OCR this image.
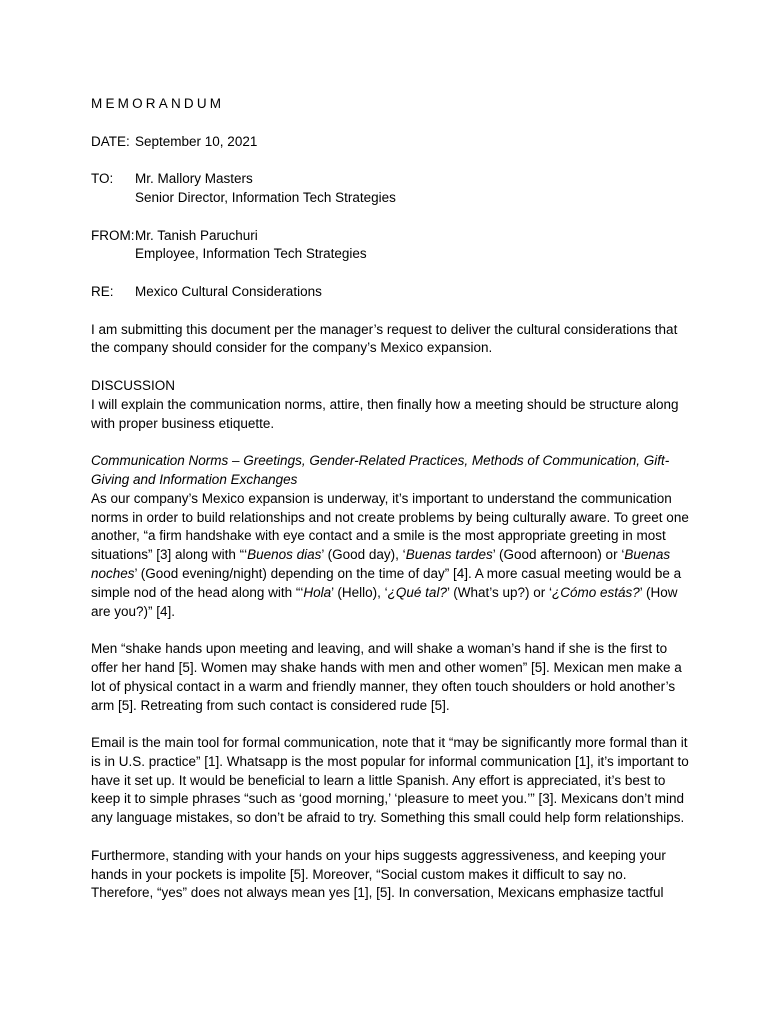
MEMORANDUM

DATE: September 10, 2021
TO:	Mr. Mallory Masters
Senior Director, Information Tech Strategies
FROM: Mr. Tanish Paruchuri
Employee, Information Tech Strategies
RE:	Mexico Cultural Considerations

I am submitting this document per the manager’s request to deliver the cultural considerations that the company should consider for the company’s Mexico expansion.

DISCUSSION

I will explain the communication norms, attire, then finally how a meeting should be structure along with proper business etiquette.

Communication Norms – Greetings, Gender-Related Practices, Methods of Communication, Gift-Giving and Information Exchanges

As our company’s Mexico expansion is underway, it’s important to understand the communication norms in order to build relationships and not create problems by being culturally aware. To greet one another, “a firm handshake with eye contact and a smile is the most appropriate greeting in most situations” [3] along with “‘Buenos dias’ (Good day), ‘Buenas tardes’ (Good afternoon) or ‘Buenas noches’ (Good evening/night) depending on the time of day” [4]. A more casual meeting would be a simple nod of the head along with “‘Hola’ (Hello), ‘¿Qué tal?’ (What’s up?) or ‘¿Cómo estás?’ (How are you?)” [4].

Men “shake hands upon meeting and leaving, and will shake a woman’s hand if she is the first to offer her hand [5]. Women may shake hands with men and other women” [5]. Mexican men make a lot of physical contact in a warm and friendly manner, they often touch shoulders or hold another’s arm [5]. Retreating from such contact is considered rude [5].

Email is the main tool for formal communication, note that it “may be significantly more formal than it is in U.S. practice” [1]. Whatsapp is the most popular for informal communication [1], it’s important to have it set up. It would be beneficial to learn a little Spanish. Any effort is appreciated, it’s best to keep it to simple phrases “such as ‘good morning,’ ‘pleasure to meet you.’” [3]. Mexicans don’t mind any language mistakes, so don’t be afraid to try. Something this small could help form relationships.

Furthermore, standing with your hands on your hips suggests aggressiveness, and keeping your hands in your pockets is impolite [5]. Moreover, “Social custom makes it difficult to say no. Therefore, “yes” does not always mean yes [1], [5]. In conversation, Mexicans emphasize tactful
